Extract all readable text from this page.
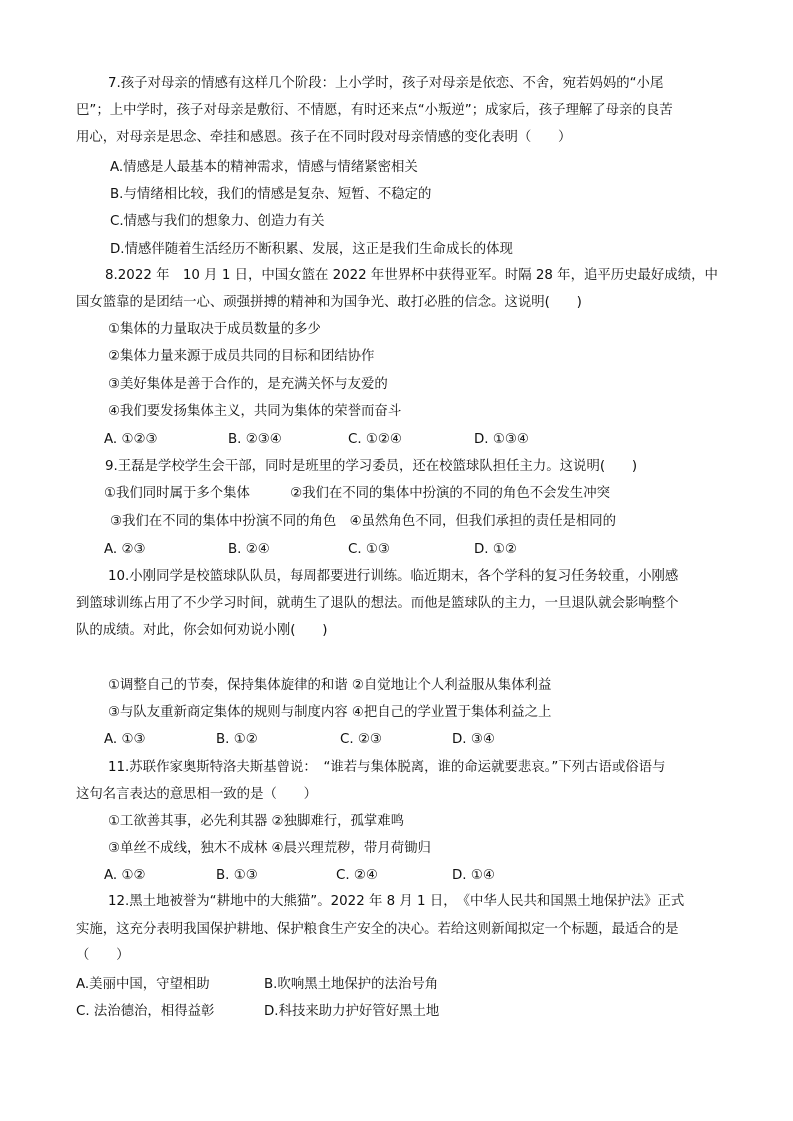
7.孩子对母亲的情感有这样几个阶段：上小学时，孩子对母亲是依恋、不舍，宛若妈妈的“小尾
巴”；上中学时，孩子对母亲是敷衍、不情愿，有时还来点“小叛逆”；成家后，孩子理解了母亲的良苦
用心，对母亲是思念、牵挂和感恩。孩子在不同时段对母亲情感的变化表明（　　）
A.情感是人最基本的精神需求，情感与情绪紧密相关
B.与情绪相比较，我们的情感是复杂、短暂、不稳定的
C.情感与我们的想象力、创造力有关
D.情感伴随着生活经历不断积累、发展，这正是我们生命成长的体现
8.2022 年　10 月 1 日，中国女篮在 2022 年世界杯中获得亚军。时隔 28 年，追平历史最好成绩，中
国女篮靠的是团结一心、顽强拼搏的精神和为国争光、敢打必胜的信念。这说明(　　)
①集体的力量取决于成员数量的多少
②集体力量来源于成员共同的目标和团结协作
③美好集体是善于合作的，是充满关怀与友爱的
④我们要发扬集体主义，共同为集体的荣誉而奋斗
A. ①②③	B. ②③④	C. ①②④	D. ①③④
9.王磊是学校学生会干部，同时是班里的学习委员，还在校篮球队担任主力。这说明(　　)
①我们同时属于多个集体　　　②我们在不同的集体中扮演的不同的角色不会发生冲突
③我们在不同的集体中扮演不同的角色　④虽然角色不同，但我们承担的责任是相同的
A. ②③	B. ②④	C. ①③	D. ①②
10.小刚同学是校篮球队队员，每周都要进行训练。临近期末，各个学科的复习任务较重，小刚感
到篮球训练占用了不少学习时间，就萌生了退队的想法。而他是篮球队的主力，一旦退队就会影响整个
队的成绩。对此，你会如何劝说小刚(　　)
①调整自己的节奏，保持集体旋律的和谐 ②自觉地让个人利益服从集体利益
③与队友重新商定集体的规则与制度内容 ④把自己的学业置于集体利益之上
A. ①③	B. ①②	C. ②③	D. ③④
11.苏联作家奥斯特洛夫斯基曾说：　“谁若与集体脱离，谁的命运就要悲哀。”下列古语或俗语与
这句名言表达的意思相一致的是（　　）
①工欲善其事，必先利其器 ②独脚难行，孤掌难鸣
③单丝不成线，独木不成林 ④晨兴理荒秽，带月荷锄归
A. ①②	B. ①③	C. ②④	D. ①④
12.黑土地被誉为“耕地中的大熊猫”。2022 年 8 月 1 日，　《中华人民共和国黑土地保护法》正式
实施，这充分表明我国保护耕地、保护粮食生产安全的决心。若给这则新闻拟定一个标题，最适合的是
（　　）
A.美丽中国，守望相助	B.吹响黑土地保护的法治号角
C. 法治德治，相得益彰	D.科技来助力护好管好黑土地
